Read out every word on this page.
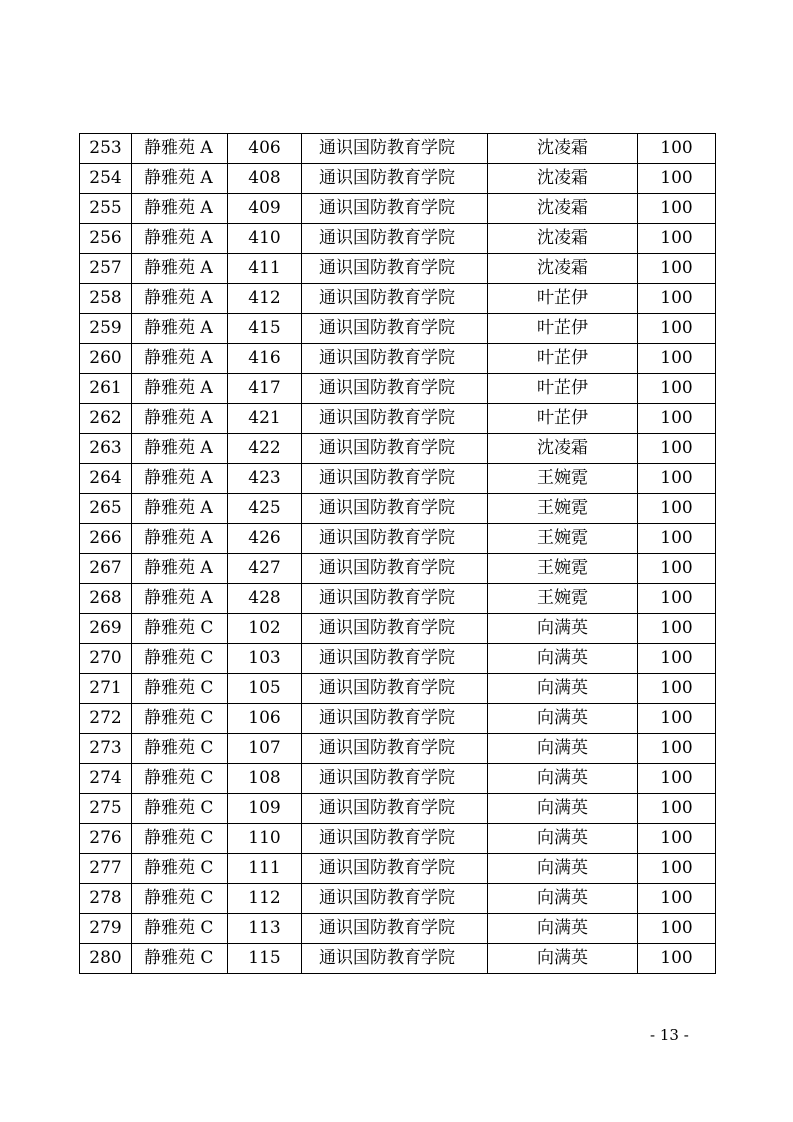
253	静雅苑 A	406	通识国防教育学院	沈凌霜	100
254	静雅苑 A	408	通识国防教育学院	沈凌霜	100
255	静雅苑 A	409	通识国防教育学院	沈凌霜	100
256	静雅苑 A	410	通识国防教育学院	沈凌霜	100
257	静雅苑 A	411	通识国防教育学院	沈凌霜	100
258	静雅苑 A	412	通识国防教育学院	叶芷伊	100
259	静雅苑 A	415	通识国防教育学院	叶芷伊	100
260	静雅苑 A	416	通识国防教育学院	叶芷伊	100
261	静雅苑 A	417	通识国防教育学院	叶芷伊	100
262	静雅苑 A	421	通识国防教育学院	叶芷伊	100
263	静雅苑 A	422	通识国防教育学院	沈凌霜	100
264	静雅苑 A	423	通识国防教育学院	王婉霓	100
265	静雅苑 A	425	通识国防教育学院	王婉霓	100
266	静雅苑 A	426	通识国防教育学院	王婉霓	100
267	静雅苑 A	427	通识国防教育学院	王婉霓	100
268	静雅苑 A	428	通识国防教育学院	王婉霓	100
269	静雅苑 C	102	通识国防教育学院	向满英	100
270	静雅苑 C	103	通识国防教育学院	向满英	100
271	静雅苑 C	105	通识国防教育学院	向满英	100
272	静雅苑 C	106	通识国防教育学院	向满英	100
273	静雅苑 C	107	通识国防教育学院	向满英	100
274	静雅苑 C	108	通识国防教育学院	向满英	100
275	静雅苑 C	109	通识国防教育学院	向满英	100
276	静雅苑 C	110	通识国防教育学院	向满英	100
277	静雅苑 C	111	通识国防教育学院	向满英	100
278	静雅苑 C	112	通识国防教育学院	向满英	100
279	静雅苑 C	113	通识国防教育学院	向满英	100
280	静雅苑 C	115	通识国防教育学院	向满英	100
- 13 -
